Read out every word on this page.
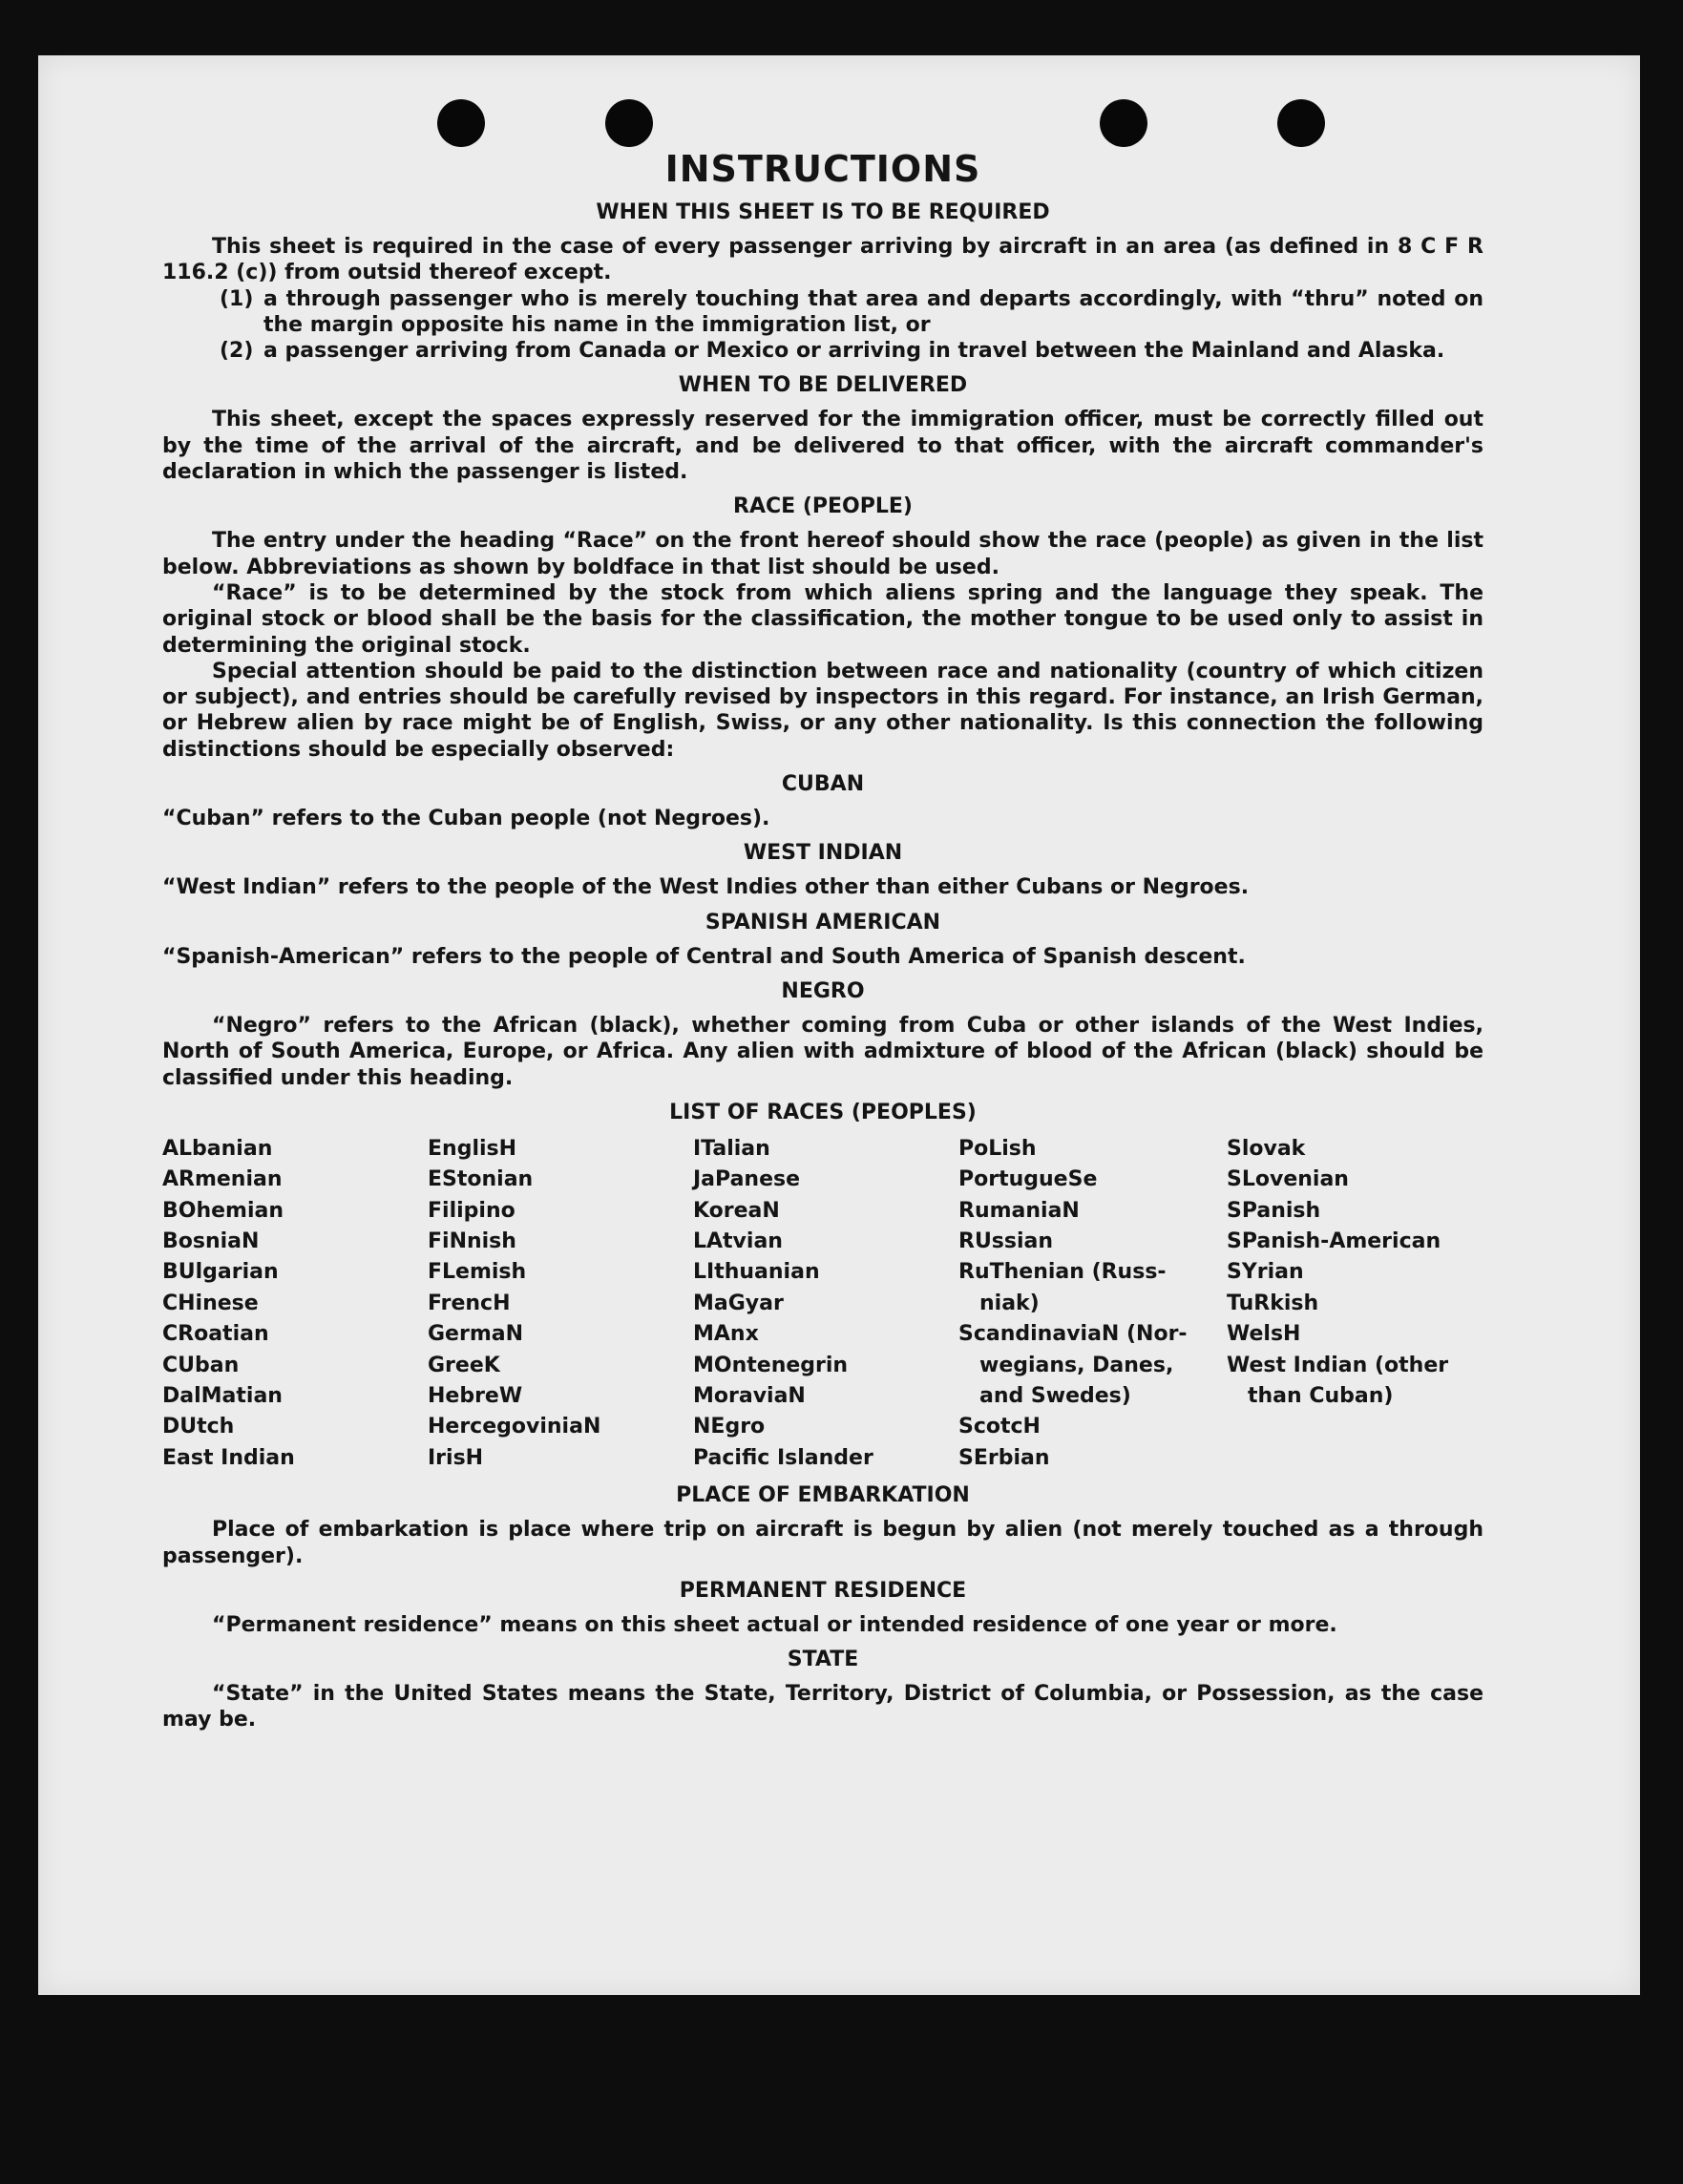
INSTRUCTIONS
WHEN THIS SHEET IS TO BE REQUIRED

This sheet is required in the case of every passenger arriving by aircraft in an area (as defined in 8 C F R 116.2 (c)) from outsid thereof except.

(1) a through passenger who is merely touching that area and departs accordingly, with “thru” noted on the margin opposite his name in the immigration list, or
(2) a passenger arriving from Canada or Mexico or arriving in travel between the Mainland and Alaska.
WHEN TO BE DELIVERED

This sheet, except the spaces expressly reserved for the immigration officer, must be correctly filled out by the time of the arrival of the aircraft, and be delivered to that officer, with the aircraft commander's declaration in which the passenger is listed.

RACE (PEOPLE)

The entry under the heading “Race” on the front hereof should show the race (people) as given in the list below. Abbreviations as shown by boldface in that list should be used.

“Race” is to be determined by the stock from which aliens spring and the language they speak. The original stock or blood shall be the basis for the classification, the mother tongue to be used only to assist in determining the original stock.

Special attention should be paid to the distinction between race and nationality (country of which citizen or subject), and entries should be carefully revised by inspectors in this regard. For instance, an Irish German, or Hebrew alien by race might be of English, Swiss, or any other nationality. Is this connection the following distinctions should be especially observed:

CUBAN

“Cuban” refers to the Cuban people (not Negroes).

WEST INDIAN

“West Indian” refers to the people of the West Indies other than either Cubans or Negroes.

SPANISH AMERICAN

“Spanish-American” refers to the people of Central and South America of Spanish descent.

NEGRO

“Negro” refers to the African (black), whether coming from Cuba or other islands of the West Indies, North of South America, Europe, or Africa. Any alien with admixture of blood of the African (black) should be classified under this heading.

LIST OF RACES (PEOPLES)
ALbanian
ARmenian
BOhemian
BosniaN
BUlgarian
CHinese
CRoatian
CUban
DalMatian
DUtch
East Indian
EnglisH
EStonian
Filipino
FiNnish
FLemish
FrencH
GermaN
GreeK
HebreW
HercegoviniaN
IrisH
ITalian
JaPanese
KoreaN
LAtvian
LIthuanian
MaGyar
MAnx
MOntenegrin
MoraviaN
NEgro
Pacific Islander
PoLish
PortugueSe
RumaniaN
RUssian
RuThenian (Russ-
niak)
ScandinaviaN (Nor-
wegians, Danes,
and Swedes)
ScotcH
SErbian
Slovak
SLovenian
SPanish
SPanish-American
SYrian
TuRkish
WelsH
West Indian (other
than Cuban)
PLACE OF EMBARKATION

Place of embarkation is place where trip on aircraft is begun by alien (not merely touched as a through passenger).

PERMANENT RESIDENCE

“Permanent residence” means on this sheet actual or intended residence of one year or more.

STATE

“State” in the United States means the State, Territory, District of Columbia, or Possession, as the case may be.
